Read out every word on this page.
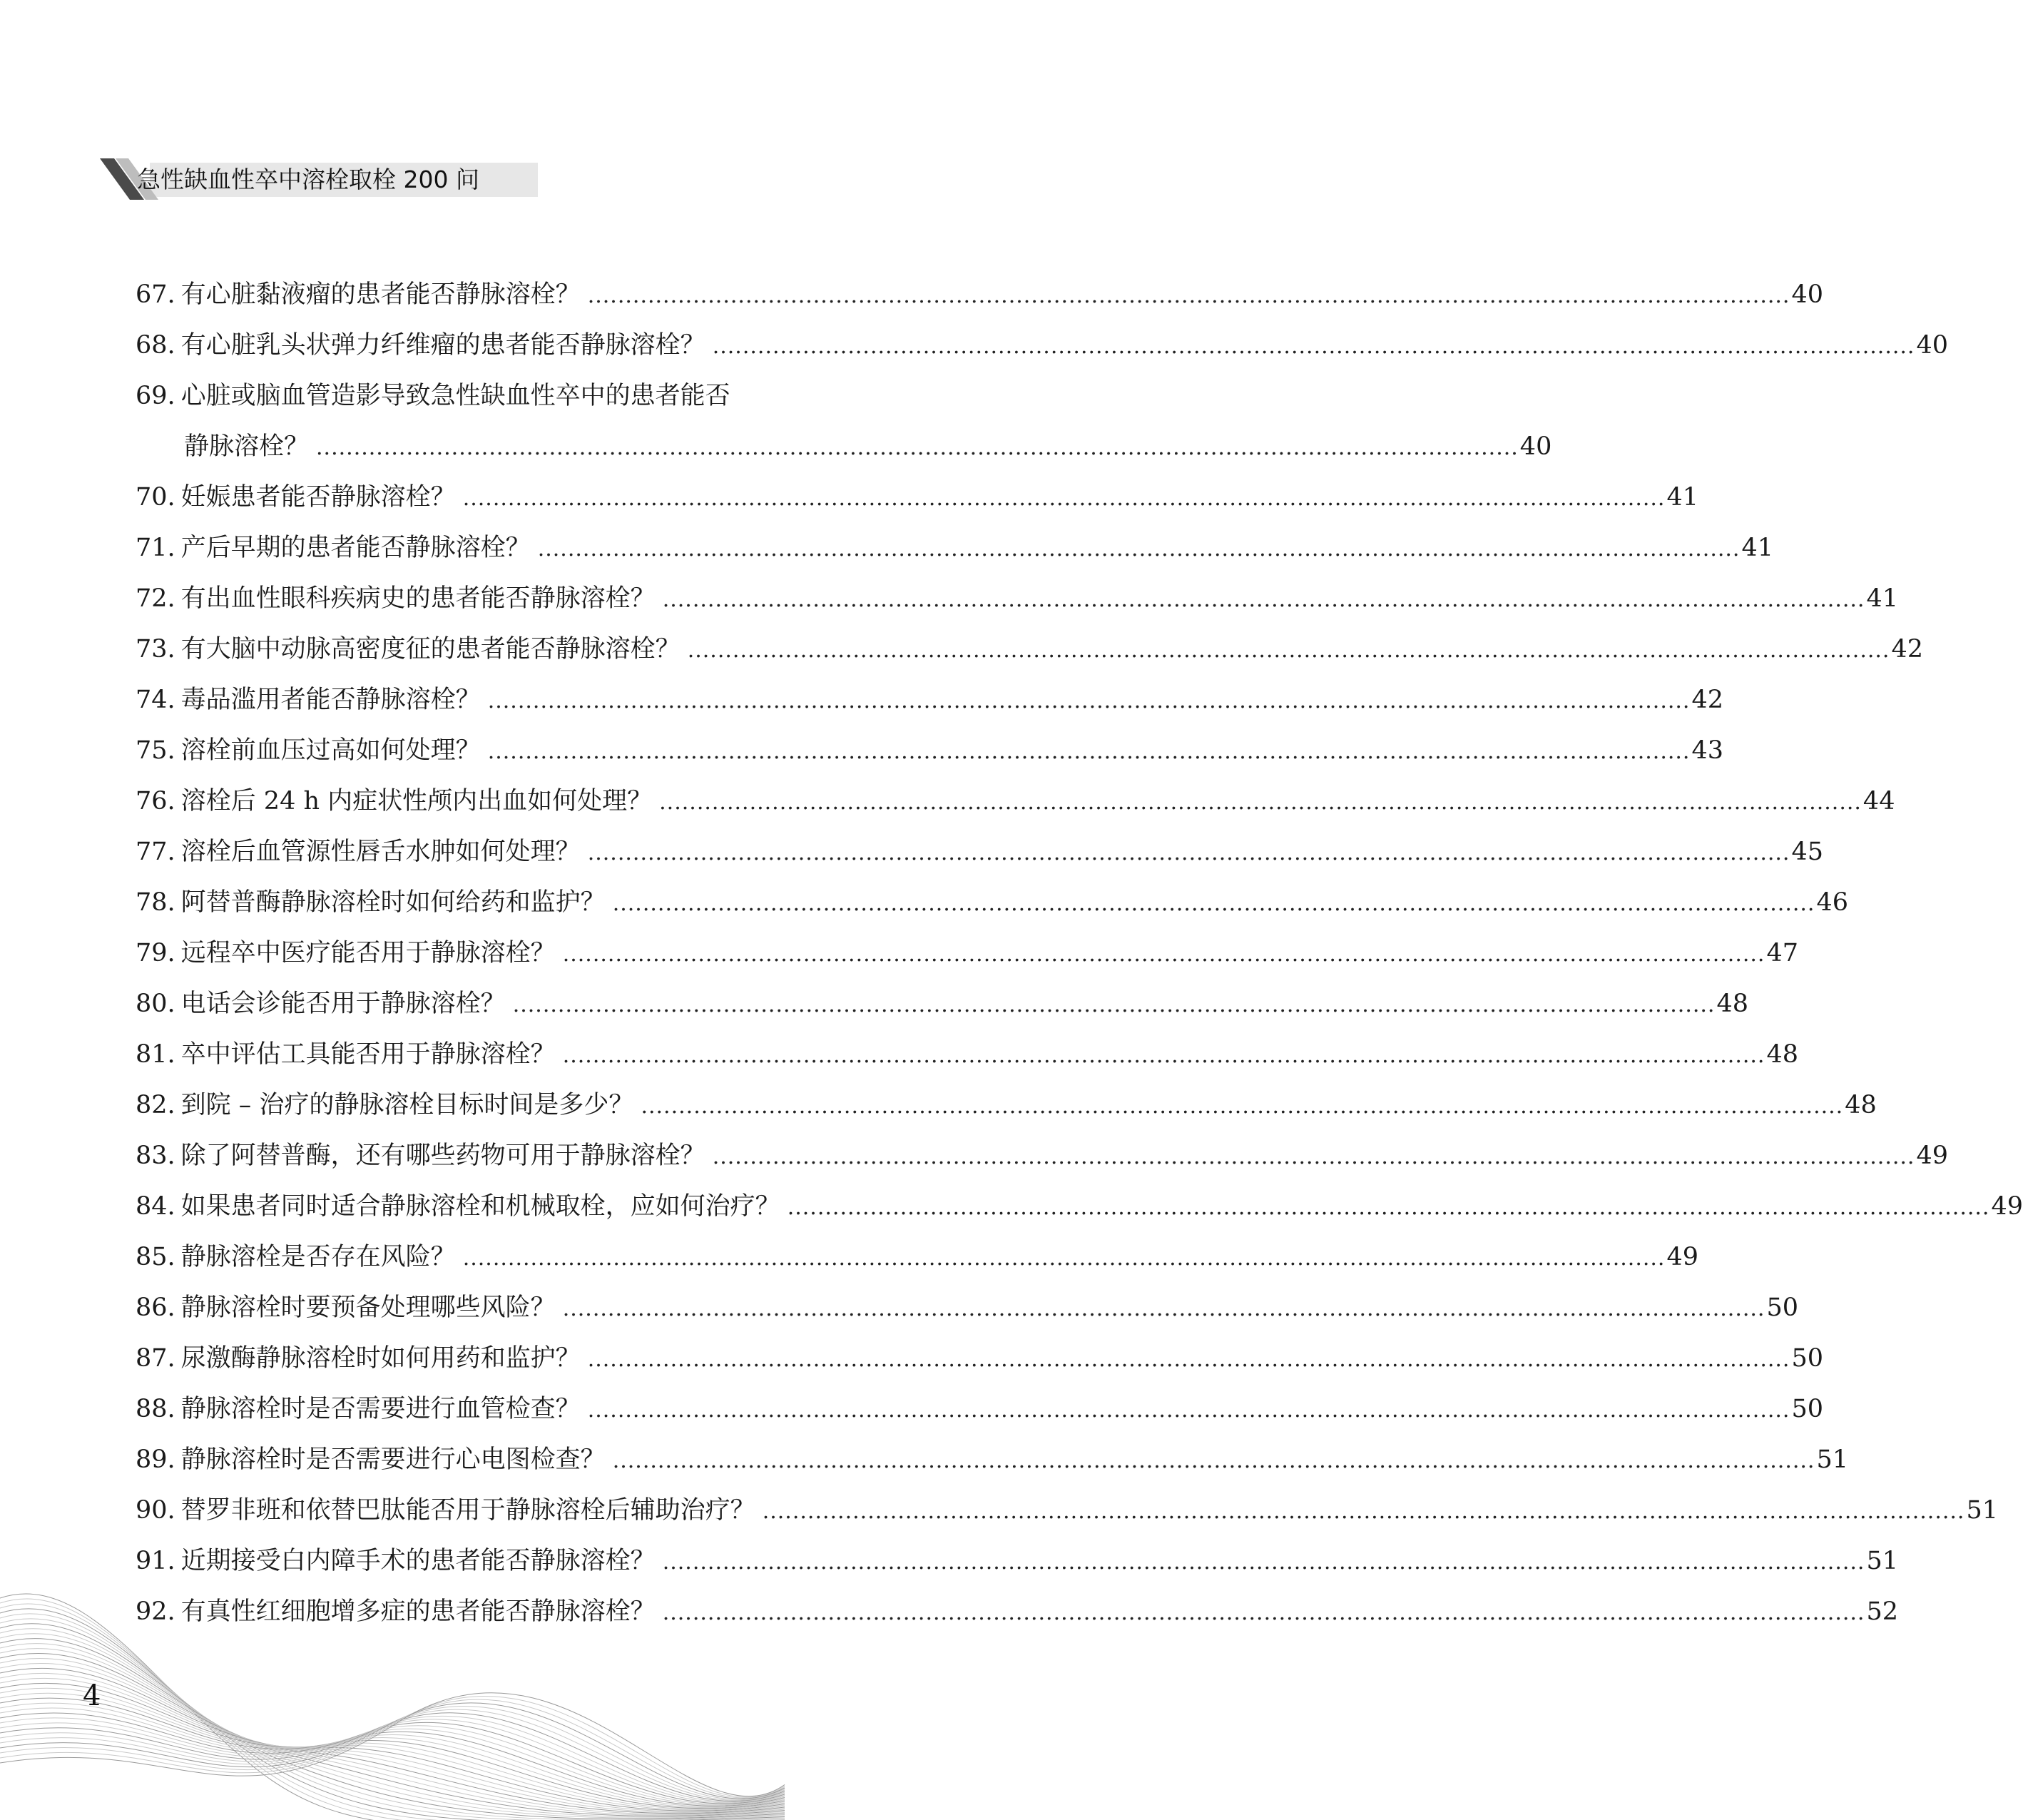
急性缺血性卒中溶栓取栓 200 问
67. 有心脏黏液瘤的患者能否静脉溶栓？ ................................................................................................................................................................ 40
68. 有心脏乳头状弹力纤维瘤的患者能否静脉溶栓？ ................................................................................................................................................................ 40
69. 心脏或脑血管造影导致急性缺血性卒中的患者能否
静脉溶栓？ ................................................................................................................................................................ 40
70. 妊娠患者能否静脉溶栓？ ................................................................................................................................................................ 41
71. 产后早期的患者能否静脉溶栓？ ................................................................................................................................................................ 41
72. 有出血性眼科疾病史的患者能否静脉溶栓？ ................................................................................................................................................................ 41
73. 有大脑中动脉高密度征的患者能否静脉溶栓？ ................................................................................................................................................................ 42
74. 毒品滥用者能否静脉溶栓？ ................................................................................................................................................................ 42
75. 溶栓前血压过高如何处理？ ................................................................................................................................................................ 43
76. 溶栓后 24 h 内症状性颅内出血如何处理？ ................................................................................................................................................................ 44
77. 溶栓后血管源性唇舌水肿如何处理？ ................................................................................................................................................................ 45
78. 阿替普酶静脉溶栓时如何给药和监护？ ................................................................................................................................................................ 46
79. 远程卒中医疗能否用于静脉溶栓？ ................................................................................................................................................................ 47
80. 电话会诊能否用于静脉溶栓？ ................................................................................................................................................................ 48
81. 卒中评估工具能否用于静脉溶栓？ ................................................................................................................................................................ 48
82. 到院 – 治疗的静脉溶栓目标时间是多少？ ................................................................................................................................................................ 48
83. 除了阿替普酶，还有哪些药物可用于静脉溶栓？ ................................................................................................................................................................ 49
84. 如果患者同时适合静脉溶栓和机械取栓，应如何治疗？ ................................................................................................................................................................ 49
85. 静脉溶栓是否存在风险？ ................................................................................................................................................................ 49
86. 静脉溶栓时要预备处理哪些风险？ ................................................................................................................................................................ 50
87. 尿激酶静脉溶栓时如何用药和监护？ ................................................................................................................................................................ 50
88. 静脉溶栓时是否需要进行血管检查？ ................................................................................................................................................................ 50
89. 静脉溶栓时是否需要进行心电图检查？ ................................................................................................................................................................ 51
90. 替罗非班和依替巴肽能否用于静脉溶栓后辅助治疗？ ................................................................................................................................................................ 51
91. 近期接受白内障手术的患者能否静脉溶栓？ ................................................................................................................................................................ 51
92. 有真性红细胞增多症的患者能否静脉溶栓？ ................................................................................................................................................................ 52
4
